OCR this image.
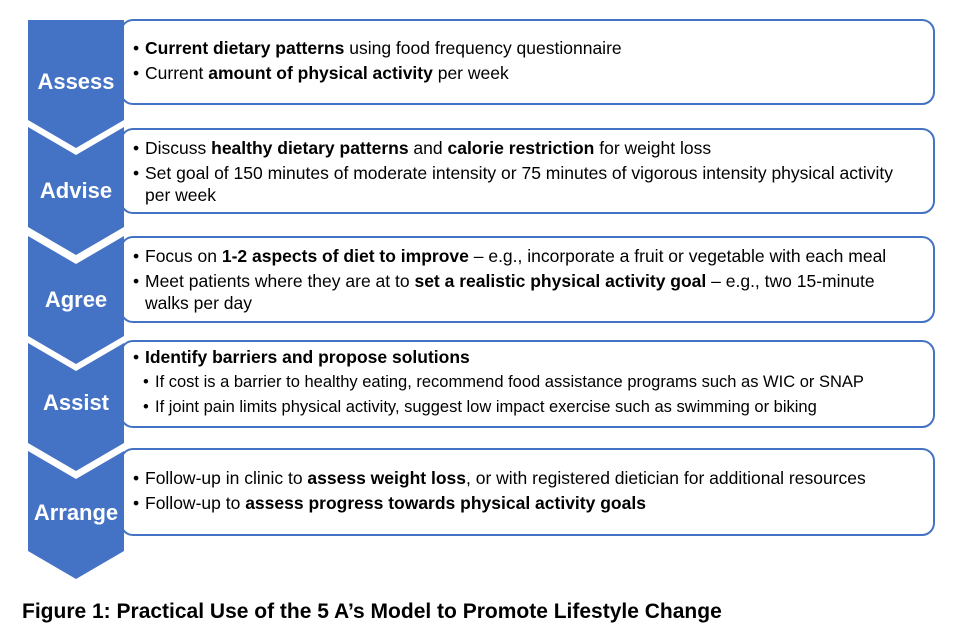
Assess
• Current dietary patterns using food frequency questionnaire
• Current amount of physical activity per week
Advise
• Discuss healthy dietary patterns and calorie restriction for weight loss
• Set goal of 150 minutes of moderate intensity or 75 minutes of vigorous intensity physical activity per week
Agree
• Focus on 1-2 aspects of diet to improve – e.g., incorporate a fruit or vegetable with each meal
• Meet patients where they are at to set a realistic physical activity goal – e.g., two 15-minute walks per day
Assist
• Identify barriers and propose solutions
• If cost is a barrier to healthy eating, recommend food assistance programs such as WIC or SNAP
• If joint pain limits physical activity, suggest low impact exercise such as swimming or biking
Arrange
• Follow-up in clinic to assess weight loss, or with registered dietician for additional resources
• Follow-up to assess progress towards physical activity goals
Figure 1: Practical Use of the 5 A’s Model to Promote Lifestyle Change
